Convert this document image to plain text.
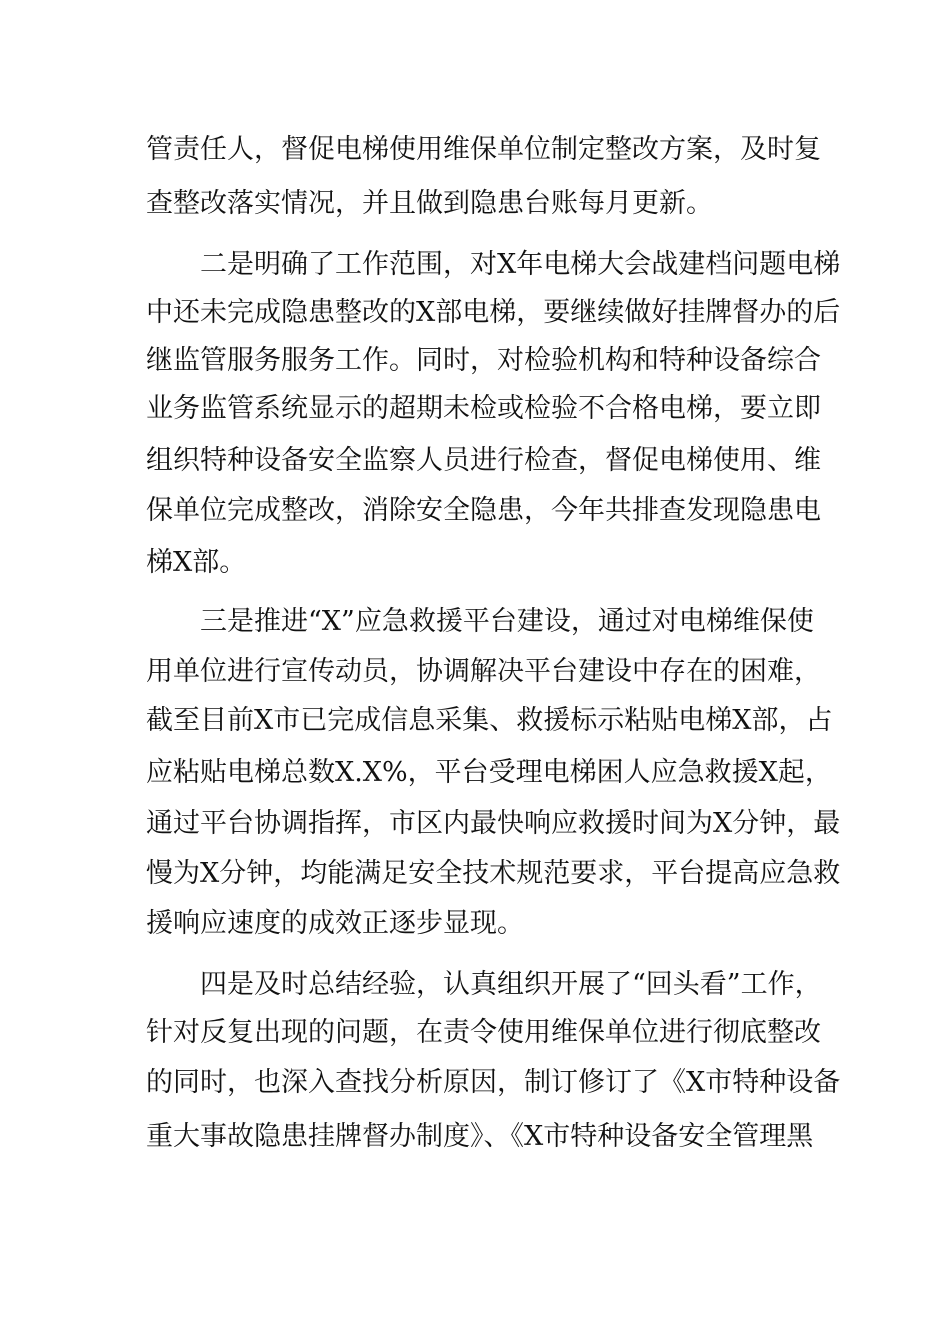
管责任人，督促电梯使用维保单位制定整改方案，及时复

查整改落实情况，并且做到隐患台账每月更新。

二是明确了工作范围，对X年电梯大会战建档问题电梯

中还未完成隐患整改的X部电梯，要继续做好挂牌督办的后

继监管服务服务工作。同时，对检验机构和特种设备综合

业务监管系统显示的超期未检或检验不合格电梯，要立即

组织特种设备安全监察人员进行检查，督促电梯使用、维

保单位完成整改，消除安全隐患，今年共排查发现隐患电

梯X部。

三是推进“X”应急救援平台建设，通过对电梯维保使

用单位进行宣传动员，协调解决平台建设中存在的困难，

截至目前X市已完成信息采集、救援标示粘贴电梯X部，占

应粘贴电梯总数X.X%，平台受理电梯困人应急救援X起，

通过平台协调指挥，市区内最快响应救援时间为X分钟，最

慢为X分钟，均能满足安全技术规范要求，平台提高应急救

援响应速度的成效正逐步显现。

四是及时总结经验，认真组织开展了“回头看”工作，

针对反复出现的问题，在责令使用维保单位进行彻底整改

的同时，也深入查找分析原因，制订修订了《X市特种设备

重大事故隐患挂牌督办制度》、《X市特种设备安全管理黑
